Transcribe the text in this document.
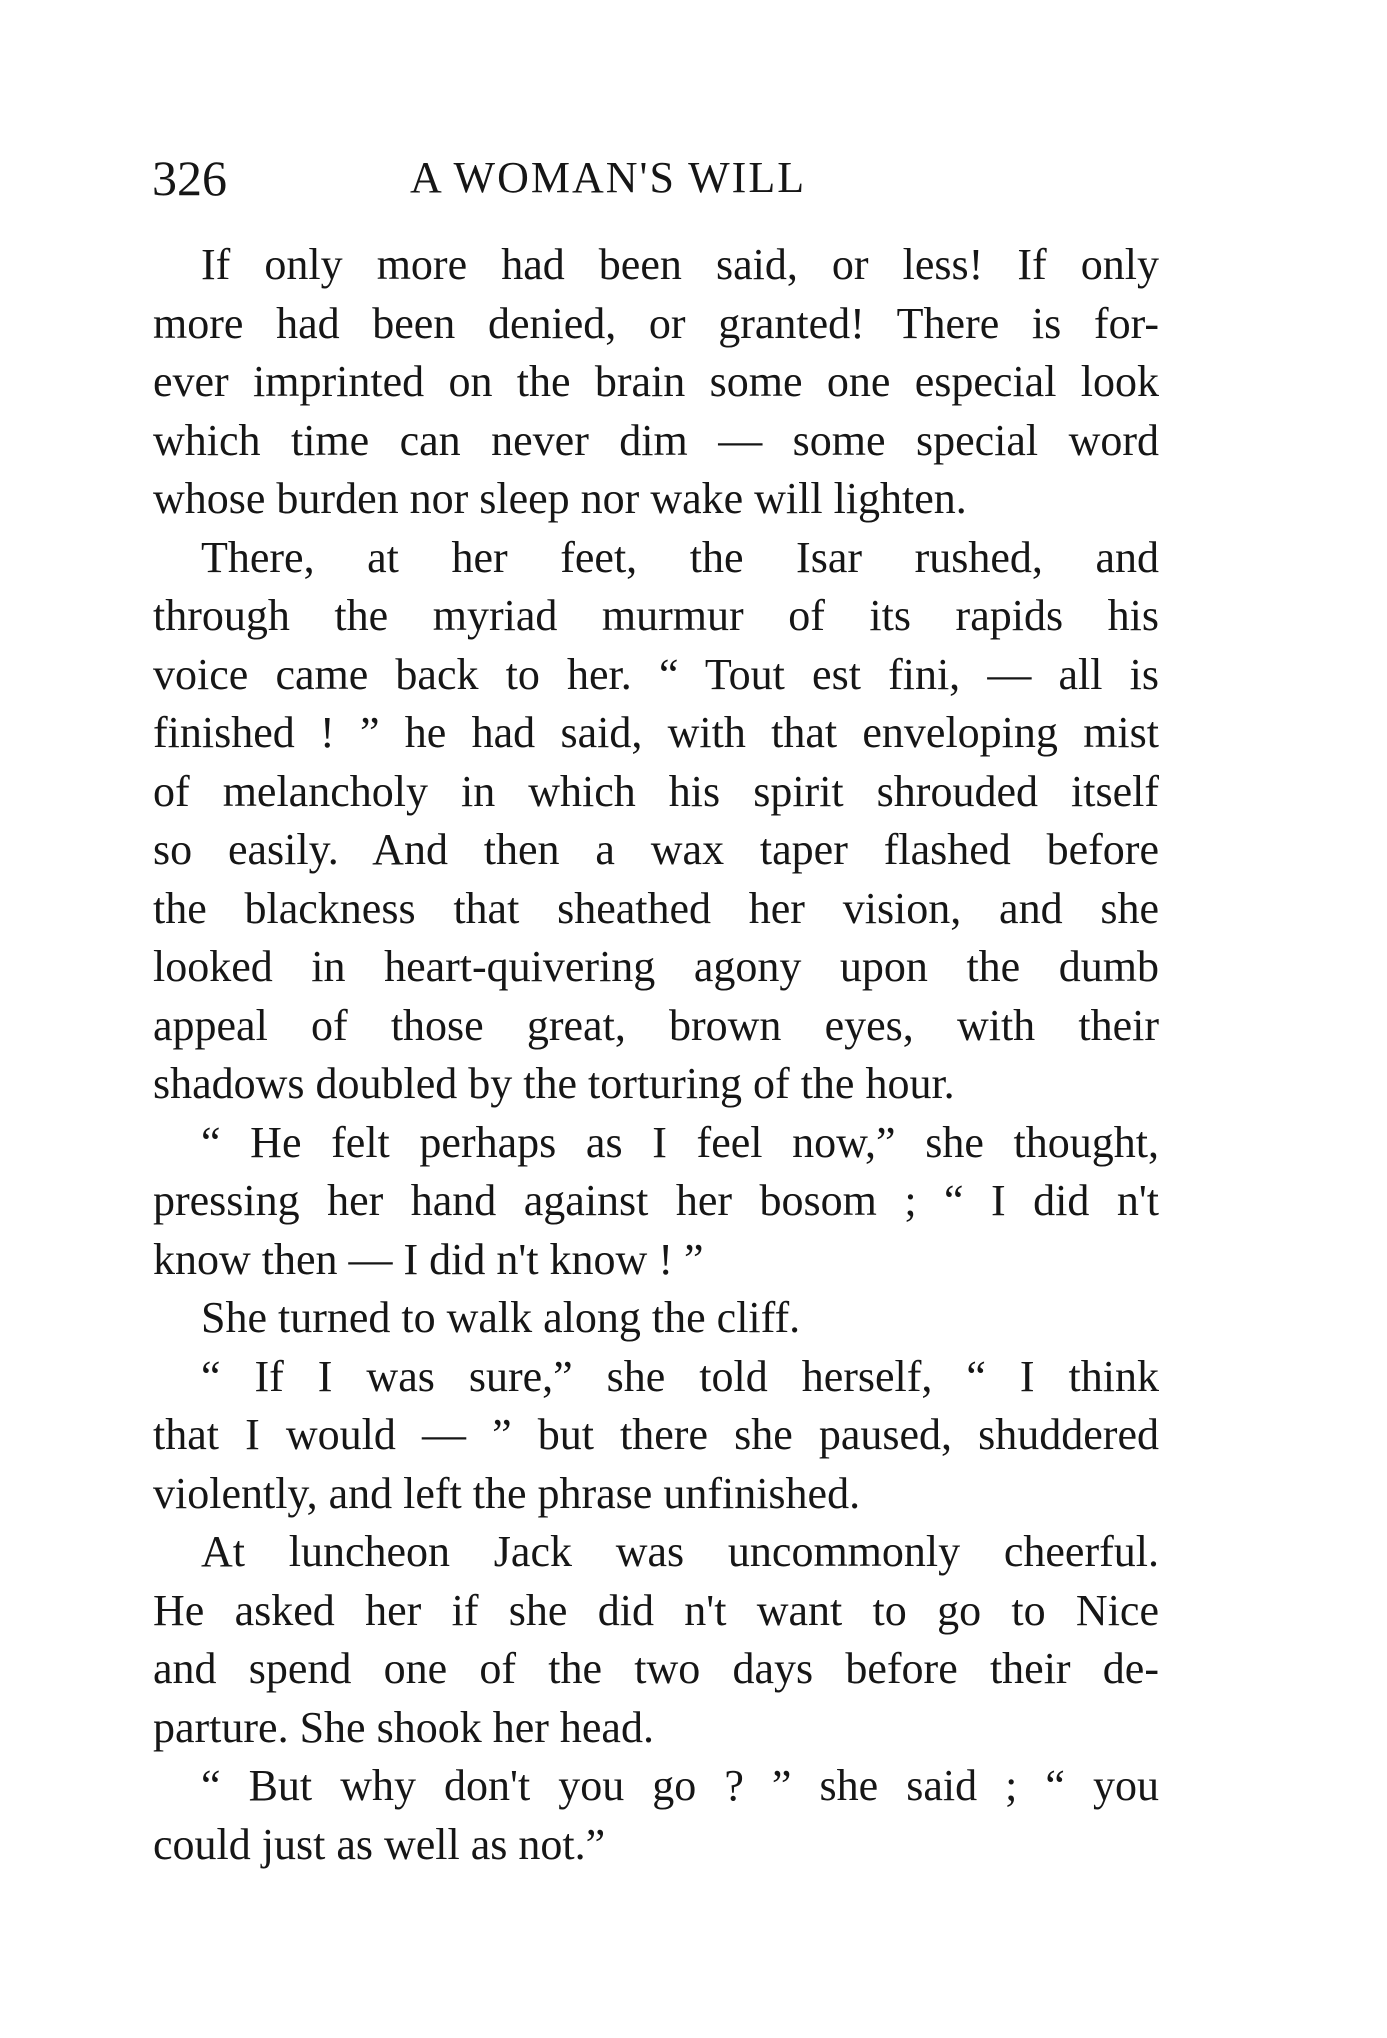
326	A WOMAN'S WILL

If only more had been said, or less! If only
more had been denied, or granted! There is for-
ever imprinted on the brain some one especial look
which time can never dim — some special word
whose burden nor sleep nor wake will lighten.

There, at her feet, the Isar rushed, and
through the myriad murmur of its rapids his
voice came back to her. “ Tout est fini, — all is
finished ! ” he had said, with that enveloping mist
of melancholy in which his spirit shrouded itself
so easily. And then a wax taper flashed before
the blackness that sheathed her vision, and she
looked in heart-quivering agony upon the dumb
appeal of those great, brown eyes, with their
shadows doubled by the torturing of the hour.

“ He felt perhaps as I feel now,” she thought,
pressing her hand against her bosom ; “ I did n't
know then — I did n't know ! ”

She turned to walk along the cliff.

“ If I was sure,” she told herself, “ I think
that I would — ” but there she paused, shuddered
violently, and left the phrase unfinished.

At luncheon Jack was uncommonly cheerful.
He asked her if she did n't want to go to Nice
and spend one of the two days before their de-
parture. She shook her head.

“ But why don't you go ? ” she said ; “ you
could just as well as not.”
